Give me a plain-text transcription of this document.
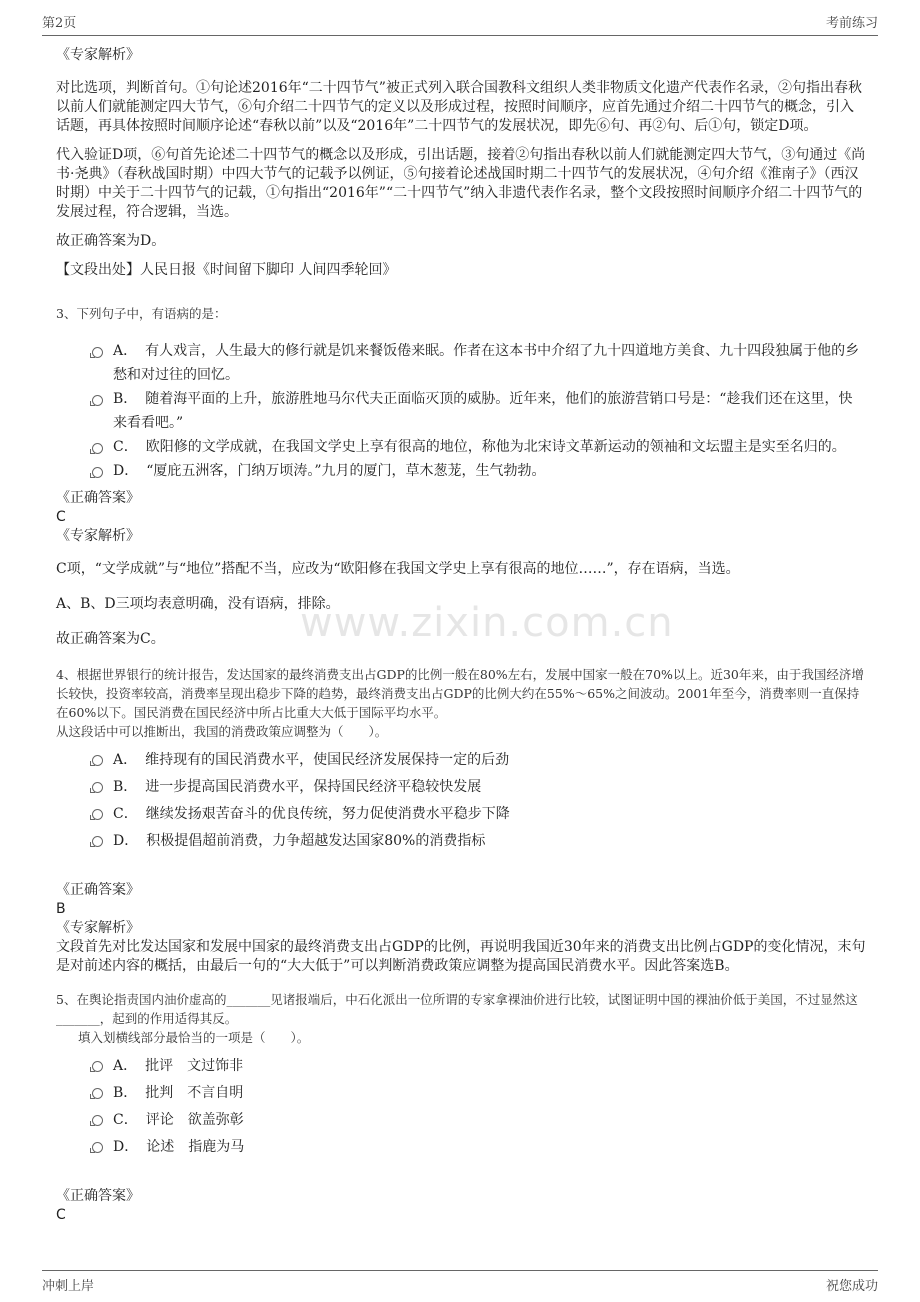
第2页	考前练习
www.zixin.com.cn
《专家解析》

对比选项，判断首句。①句论述2016年“二十四节气”被正式列入联合国教科文组织人类非物质文化遗产代表作名录，②句指出春秋以前人们就能测定四大节气，⑥句介绍二十四节气的定义以及形成过程，按照时间顺序，应首先通过介绍二十四节气的概念，引入话题，再具体按照时间顺序论述“春秋以前”以及“2016年”二十四节气的发展状况，即先⑥句、再②句、后①句，锁定D项。

代入验证D项，⑥句首先论述二十四节气的概念以及形成，引出话题，接着②句指出春秋以前人们就能测定四大节气，③句通过《尚书·尧典》（春秋战国时期）中四大节气的记载予以例证，⑤句接着论述战国时期二十四节气的发展状况，④句介绍《淮南子》（西汉时期）中关于二十四节气的记载，①句指出“2016年”“二十四节气”纳入非遗代表作名录，整个文段按照时间顺序介绍二十四节气的发展过程，符合逻辑，当选。

故正确答案为D。

【文段出处】人民日报《时间留下脚印 人间四季轮回》

3、下列句子中，有语病的是：
A． 有人戏言，人生最大的修行就是饥来餐饭倦来眠。作者在这本书中介绍了九十四道地方美食、九十四段独属于他的乡愁和对过往的回忆。
B． 随着海平面的上升，旅游胜地马尔代夫正面临灭顶的威胁。近年来，他们的旅游营销口号是：“趁我们还在这里，快来看看吧。”
C． 欧阳修的文学成就，在我国文学史上享有很高的地位，称他为北宋诗文革新运动的领袖和文坛盟主是实至名归的。
D． “厦庇五洲客，门纳万顷涛。”九月的厦门，草木葱茏，生气勃勃。
《正确答案》
C
《专家解析》

C项，“文学成就”与“地位”搭配不当，应改为“欧阳修在我国文学史上享有很高的地位……”，存在语病，当选。

A、B、D三项均表意明确，没有语病，排除。

故正确答案为C。

4、根据世界银行的统计报告，发达国家的最终消费支出占GDP的比例一般在80%左右，发展中国家一般在70%以上。近30年来，由于我国经济增长较快，投资率较高，消费率呈现出稳步下降的趋势，最终消费支出占GDP的比例大约在55%～65%之间波动。2001年至今，消费率则一直保持在60%以下。国民消费在国民经济中所占比重大大低于国际平均水平。
从这段话中可以推断出，我国的消费政策应调整为（　　）。
A． 维持现有的国民消费水平，使国民经济发展保持一定的后劲
B． 进一步提高国民消费水平，保持国民经济平稳较快发展
C． 继续发扬艰苦奋斗的优良传统，努力促使消费水平稳步下降
D． 积极提倡超前消费，力争超越发达国家80%的消费指标
《正确答案》
B
《专家解析》

文段首先对比发达国家和发展中国家的最终消费支出占GDP的比例，再说明我国近30年来的消费支出比例占GDP的变化情况，末句是对前述内容的概括，由最后一句的“大大低于”可以判断消费政策应调整为提高国民消费水平。因此答案选B。

5、在舆论指责国内油价虚高的_______见诸报端后，中石化派出一位所谓的专家拿裸油价进行比较，试图证明中国的裸油价低于美国，不过显然这_______，起到的作用适得其反。
填入划横线部分最恰当的一项是（　　）。
A． 批评　文过饰非
B． 批判　不言自明
C． 评论　欲盖弥彰
D． 论述　指鹿为马
《正确答案》
C
冲刺上岸	祝您成功
